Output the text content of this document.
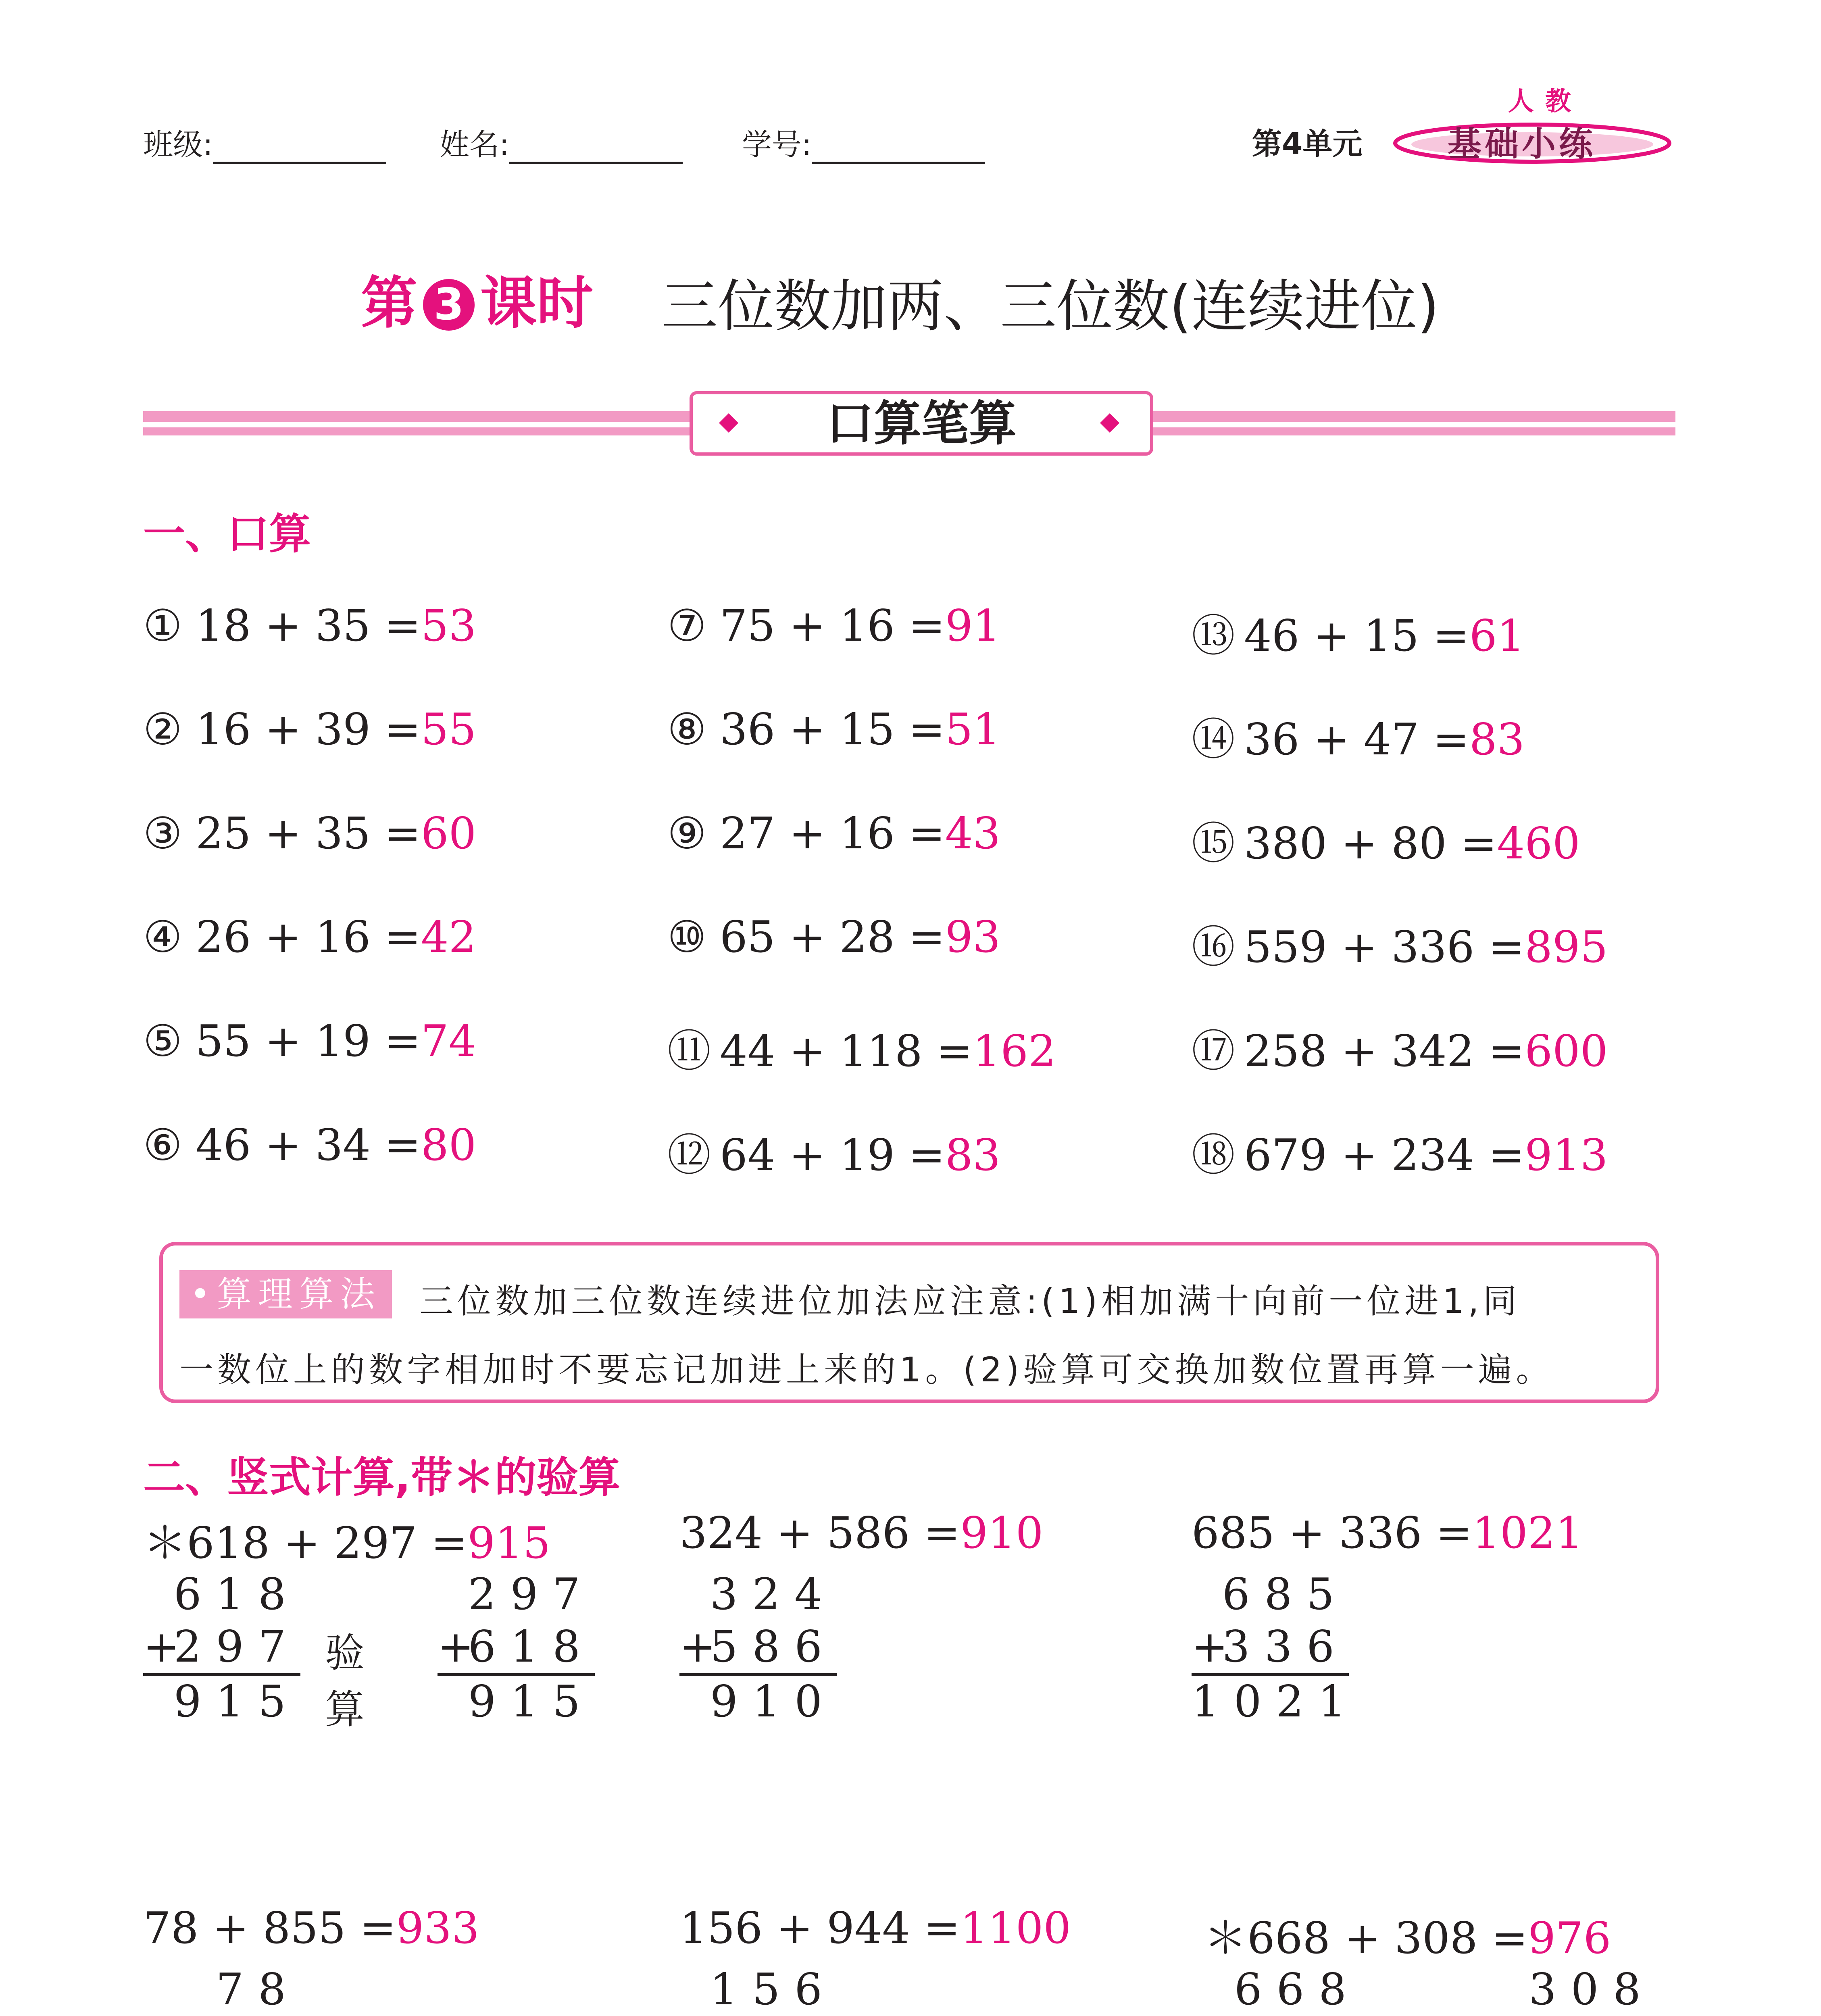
班级:	姓名:	学号:	第4单元
人教
基础小练
第 3 课时 三位数加两、三位数(连续进位)
口算笔算
一、口算
① 18 + 35 =53
② 16 + 39 =55
③ 25 + 35 =60
④ 26 + 16 =42
⑤ 55 + 19 =74
⑥ 46 + 34 =80
⑦ 75 + 16 =91
⑧ 36 + 15 =51
⑨ 27 + 16 =43
⑩ 65 + 28 =93
⑪ 44 + 118 =162
⑫ 64 + 19 =83
⑬ 46 + 15 =61
⑭ 36 + 47 =83
⑮ 380 + 80 =460
⑯ 559 + 336 =895
⑰ 258 + 342 =600
⑱ 679 + 234 =913
•算理算法	三位数加三位数连续进位加法应注意:(1)相加满十向前一位进1,同
一数位上的数字相加时不要忘记加进上来的1。(2)验算可交换加数位置再算一遍。
二、竖式计算,带＊的验算
＊618 + 297 =915
618
+
297
915
验
算
297
+
618
915
324 + 586 =910
324
+
586
910
685 + 336 =1021
685
+
336
1021
78 + 855 =933
78
156 + 944 =1100
156
＊668 + 308 =976
668	308
